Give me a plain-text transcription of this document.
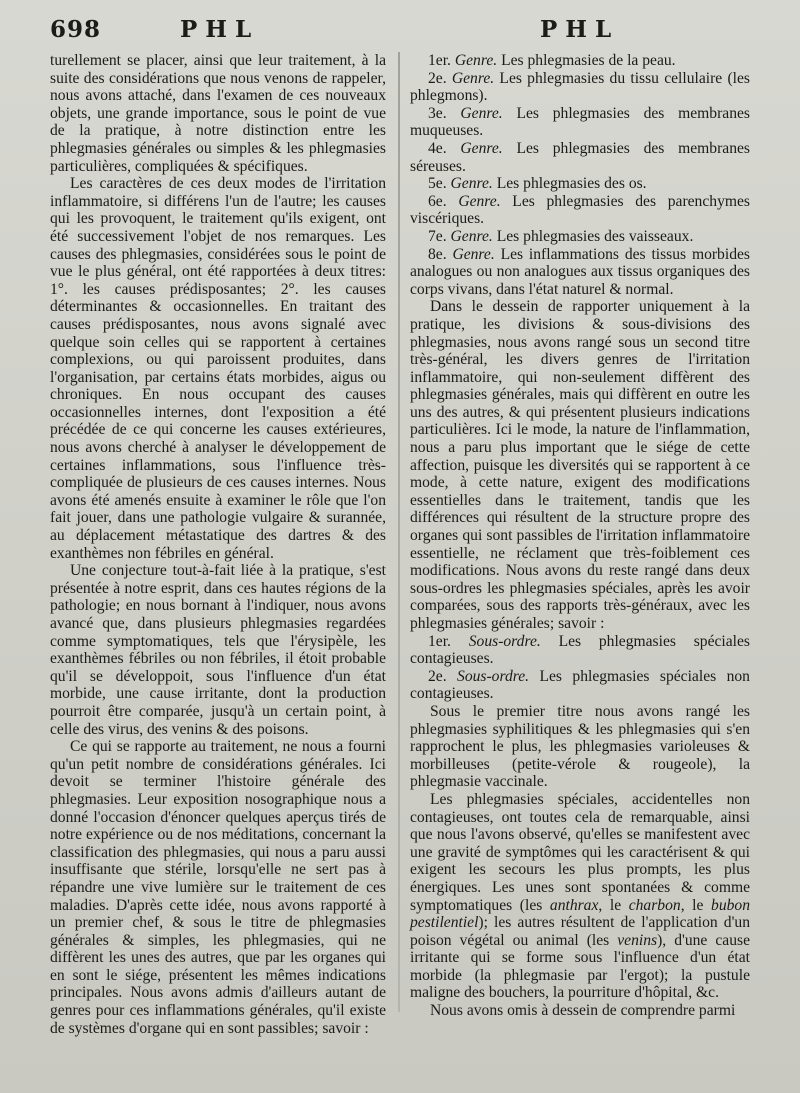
698	PHL	PHL

turellement se placer, ainsi que leur traitement, à la suite des considérations que nous venons de rappeler, nous avons attaché, dans l'examen de ces nouveaux objets, une grande importance, sous le point de vue de la pratique, à notre distinction entre les phlegmasies générales ou simples & les phlegmasies particulières, compliquées & spécifiques.

Les caractères de ces deux modes de l'irritation inflammatoire, si différens l'un de l'autre; les causes qui les provoquent, le traitement qu'ils exigent, ont été successivement l'objet de nos remarques. Les causes des phlegmasies, considérées sous le point de vue le plus général, ont été rapportées à deux titres: 1°. les causes prédisposantes; 2°. les causes déterminantes & occasionnelles. En traitant des causes prédisposantes, nous avons signalé avec quelque soin celles qui se rapportent à certaines complexions, ou qui paroissent produites, dans l'organisation, par certains états morbides, aigus ou chroniques. En nous occupant des causes occasionnelles internes, dont l'exposition a été précédée de ce qui concerne les causes extérieures, nous avons cherché à analyser le développement de certaines inflammations, sous l'influence très-compliquée de plusieurs de ces causes internes. Nous avons été amenés ensuite à examiner le rôle que l'on fait jouer, dans une pathologie vulgaire & surannée, au déplacement métastatique des dartres & des exanthèmes non fébriles en général.

Une conjecture tout-à-fait liée à la pratique, s'est présentée à notre esprit, dans ces hautes régions de la pathologie; en nous bornant à l'indiquer, nous avons avancé que, dans plusieurs phlegmasies regardées comme symptomatiques, tels que l'érysipèle, les exanthèmes fébriles ou non fébriles, il étoit probable qu'il se développoit, sous l'influence d'un état morbide, une cause irritante, dont la production pourroit être comparée, jusqu'à un certain point, à celle des virus, des venins & des poisons.

Ce qui se rapporte au traitement, ne nous a fourni qu'un petit nombre de considérations générales. Ici devoit se terminer l'histoire générale des phlegmasies. Leur exposition nosographique nous a donné l'occasion d'énoncer quelques aperçus tirés de notre expérience ou de nos méditations, concernant la classification des phlegmasies, qui nous a paru aussi insuffisante que stérile, lorsqu'elle ne sert pas à répandre une vive lumière sur le traitement de ces maladies. D'après cette idée, nous avons rapporté à un premier chef, & sous le titre de phlegmasies générales & simples, les phlegmasies, qui ne diffèrent les unes des autres, que par les organes qui en sont le siége, présentent les mêmes indications principales. Nous avons admis d'ailleurs autant de genres pour ces inflammations générales, qu'il existe de systèmes d'organe qui en sont passibles; savoir :

1er. Genre. Les phlegmasies de la peau.

2e. Genre. Les phlegmasies du tissu cellulaire (les phlegmons).

3e. Genre. Les phlegmasies des membranes muqueuses.

4e. Genre. Les phlegmasies des membranes séreuses.

5e. Genre. Les phlegmasies des os.

6e. Genre. Les phlegmasies des parenchymes viscériques.

7e. Genre. Les phlegmasies des vaisseaux.

8e. Genre. Les inflammations des tissus morbides analogues ou non analogues aux tissus organiques des corps vivans, dans l'état naturel & normal.

Dans le dessein de rapporter uniquement à la pratique, les divisions & sous-divisions des phlegmasies, nous avons rangé sous un second titre très-général, les divers genres de l'irritation inflammatoire, qui non-seulement diffèrent des phlegmasies générales, mais qui diffèrent en outre les uns des autres, & qui présentent plusieurs indications particulières. Ici le mode, la nature de l'inflammation, nous a paru plus important que le siége de cette affection, puisque les diversités qui se rapportent à ce mode, à cette nature, exigent des modifications essentielles dans le traitement, tandis que les différences qui résultent de la structure propre des organes qui sont passibles de l'irritation inflammatoire essentielle, ne réclament que très-foiblement ces modifications. Nous avons du reste rangé dans deux sous-ordres les phlegmasies spéciales, après les avoir comparées, sous des rapports très-généraux, avec les phlegmasies générales; savoir :

1er. Sous-ordre. Les phlegmasies spéciales contagieuses.

2e. Sous-ordre. Les phlegmasies spéciales non contagieuses.

Sous le premier titre nous avons rangé les phlegmasies syphilitiques & les phlegmasies qui s'en rapprochent le plus, les phlegmasies varioleuses & morbilleuses (petite-vérole & rougeole), la phlegmasie vaccinale.

Les phlegmasies spéciales, accidentelles non contagieuses, ont toutes cela de remarquable, ainsi que nous l'avons observé, qu'elles se manifestent avec une gravité de symptômes qui les caractérisent & qui exigent les secours les plus prompts, les plus énergiques. Les unes sont spontanées & comme symptomatiques (les anthrax, le charbon, le bubon pestilentiel); les autres résultent de l'application d'un poison végétal ou animal (les venins), d'une cause irritante qui se forme sous l'influence d'un état morbide (la phlegmasie par l'ergot); la pustule maligne des bouchers, la pourriture d'hôpital, &c.

Nous avons omis à dessein de comprendre parmi
